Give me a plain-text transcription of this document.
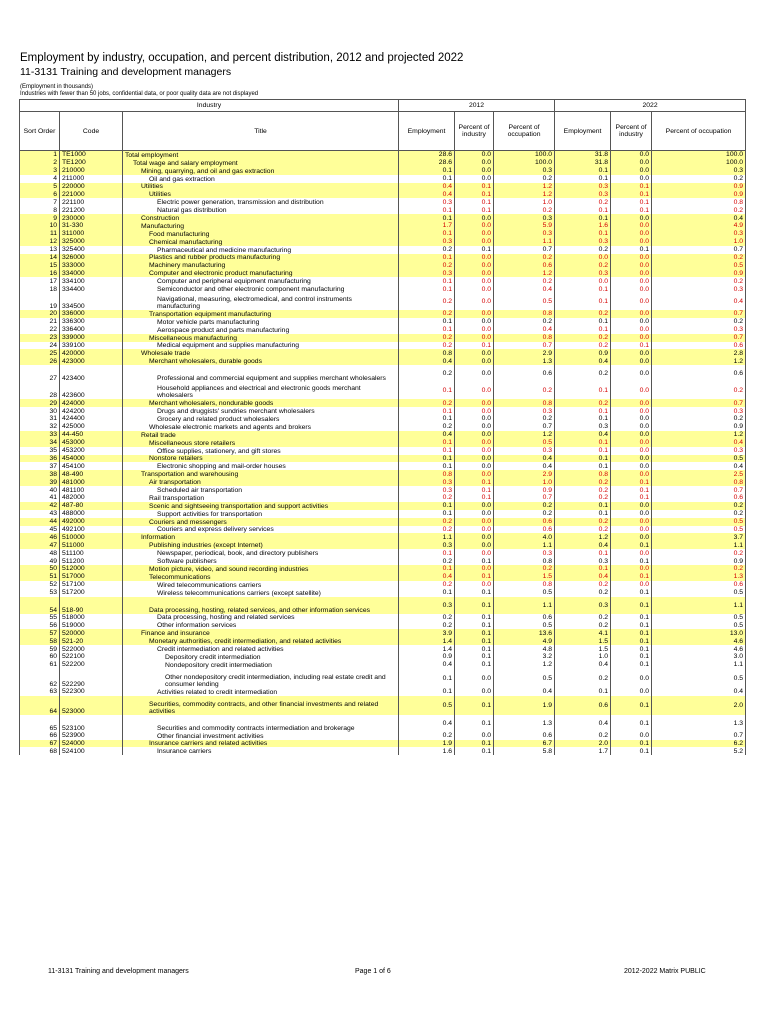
Employment by industry, occupation, and percent distribution, 2012 and projected 2022
11-3131 Training and development managers
(Employment in thousands)
Industries with fewer than 50 jobs, confidential data, or poor quality data are not displayed
Industry			2012			2022		
Sort Order	Code	Title	Employment	Percent of industry	Percent of occupation	Employment	Percent of industry	Percent of occupation
1	TE1000	Total employment	28.6	0.0	100.0	31.8	0.0	100.0
2	TE1200	Total wage and salary employment	28.6	0.0	100.0	31.8	0.0	100.0
3	210000	Mining, quarrying, and oil and gas extraction	0.1	0.0	0.3	0.1	0.0	0.3
4	211000	Oil and gas extraction	0.1	0.0	0.2	0.1	0.0	0.2
5	220000	Utilities	0.4	0.1	1.2	0.3	0.1	0.9
6	221000	Utilities	0.4	0.1	1.2	0.3	0.1	0.9
7	221100	Electric power generation, transmission and distribution	0.3	0.1	1.0	0.2	0.1	0.8
8	221200	Natural gas distribution	0.1	0.1	0.2	0.1	0.1	0.2
9	230000	Construction	0.1	0.0	0.3	0.1	0.0	0.4
10	31-330	Manufacturing	1.7	0.0	5.9	1.6	0.0	4.9
11	311000	Food manufacturing	0.1	0.0	0.3	0.1	0.0	0.3
12	325000	Chemical manufacturing	0.3	0.0	1.1	0.3	0.0	1.0
13	325400	Pharmaceutical and medicine manufacturing	0.2	0.1	0.7	0.2	0.1	0.7
14	326000	Plastics and rubber products manufacturing	0.1	0.0	0.2	0.0	0.0	0.2
15	333000	Machinery manufacturing	0.2	0.0	0.6	0.2	0.0	0.5
16	334000	Computer and electronic product manufacturing	0.3	0.0	1.2	0.3	0.0	0.9
17	334100	Computer and peripheral equipment manufacturing	0.1	0.0	0.2	0.0	0.0	0.2
18	334400	Semiconductor and other electronic component manufacturing	0.1	0.0	0.4	0.1	0.0	0.3
19	334500	Navigational, measuring, electromedical, and control instruments manufacturing	0.2	0.0	0.5	0.1	0.0	0.4
20	336000	Transportation equipment manufacturing	0.2	0.0	0.8	0.2	0.0	0.7
21	336300	Motor vehicle parts manufacturing	0.1	0.0	0.2	0.1	0.0	0.2
22	336400	Aerospace product and parts manufacturing	0.1	0.0	0.4	0.1	0.0	0.3
23	339000	Miscellaneous manufacturing	0.2	0.0	0.8	0.2	0.0	0.7
24	339100	Medical equipment and supplies manufacturing	0.2	0.1	0.7	0.2	0.1	0.6
25	420000	Wholesale trade	0.8	0.0	2.9	0.9	0.0	2.8
26	423000	Merchant wholesalers, durable goods	0.4	0.0	1.3	0.4	0.0	1.2
27	423400	Professional and commercial equipment and supplies merchant wholesalers	0.2	0.0	0.6	0.2	0.0	0.6
28	423600	Household appliances and electrical and electronic goods merchant wholesalers	0.1	0.0	0.2	0.1	0.0	0.2
29	424000	Merchant wholesalers, nondurable goods	0.2	0.0	0.8	0.2	0.0	0.7
30	424200	Drugs and druggists' sundries merchant wholesalers	0.1	0.0	0.3	0.1	0.0	0.3
31	424400	Grocery and related product wholesalers	0.1	0.0	0.2	0.1	0.0	0.2
32	425000	Wholesale electronic markets and agents and brokers	0.2	0.0	0.7	0.3	0.0	0.9
33	44-450	Retail trade	0.4	0.0	1.2	0.4	0.0	1.2
34	453000	Miscellaneous store retailers	0.1	0.0	0.5	0.1	0.0	0.4
35	453200	Office supplies, stationery, and gift stores	0.1	0.0	0.3	0.1	0.0	0.3
36	454000	Nonstore retailers	0.1	0.0	0.4	0.1	0.0	0.5
37	454100	Electronic shopping and mail-order houses	0.1	0.0	0.4	0.1	0.0	0.4
38	48-490	Transportation and warehousing	0.8	0.0	2.9	0.8	0.0	2.5
39	481000	Air transportation	0.3	0.1	1.0	0.2	0.1	0.8
40	481100	Scheduled air transportation	0.3	0.1	0.9	0.2	0.1	0.7
41	482000	Rail transportation	0.2	0.1	0.7	0.2	0.1	0.6
42	487-80	Scenic and sightseeing transportation and support activities	0.1	0.0	0.2	0.1	0.0	0.2
43	488000	Support activities for transportation	0.1	0.0	0.2	0.1	0.0	0.2
44	492000	Couriers and messengers	0.2	0.0	0.6	0.2	0.0	0.5
45	492100	Couriers and express delivery services	0.2	0.0	0.6	0.2	0.0	0.5
46	510000	Information	1.1	0.0	4.0	1.2	0.0	3.7
47	511000	Publishing industries (except Internet)	0.3	0.0	1.1	0.4	0.1	1.1
48	511100	Newspaper, periodical, book, and directory publishers	0.1	0.0	0.3	0.1	0.0	0.2
49	511200	Software publishers	0.2	0.1	0.8	0.3	0.1	0.9
50	512000	Motion picture, video, and sound recording industries	0.1	0.0	0.2	0.1	0.0	0.2
51	517000	Telecommunications	0.4	0.1	1.5	0.4	0.1	1.3
52	517100	Wired telecommunications carriers	0.2	0.0	0.8	0.2	0.0	0.6
53	517200	Wireless telecommunications carriers (except satellite)	0.1	0.1	0.5	0.2	0.1	0.5
54	518-90	Data processing, hosting, related services, and other information services	0.3	0.1	1.1	0.3	0.1	1.1
55	518000	Data processing, hosting and related services	0.2	0.1	0.6	0.2	0.1	0.5
56	519000	Other information services	0.2	0.1	0.5	0.2	0.1	0.5
57	520000	Finance and insurance	3.9	0.1	13.6	4.1	0.1	13.0
58	521-20	Monetary authorities, credit intermediation, and related activities	1.4	0.1	4.9	1.5	0.1	4.6
59	522000	Credit intermediation and related activities	1.4	0.1	4.8	1.5	0.1	4.6
60	522100	Depository credit intermediation	0.9	0.1	3.2	1.0	0.1	3.0
61	522200	Nondepository credit intermediation	0.4	0.1	1.2	0.4	0.1	1.1
62	522290	Other nondepository credit intermediation, including real estate credit and consumer lending	0.1	0.0	0.5	0.2	0.0	0.5
63	522300	Activities related to credit intermediation	0.1	0.0	0.4	0.1	0.0	0.4
64	523000	Securities, commodity contracts, and other financial investments and related activities	0.5	0.1	1.9	0.6	0.1	2.0
65	523100	Securities and commodity contracts intermediation and brokerage	0.4	0.1	1.3	0.4	0.1	1.3
66	523900	Other financial investment activities	0.2	0.0	0.6	0.2	0.0	0.7
67	524000	Insurance carriers and related activities	1.9	0.1	6.7	2.0	0.1	6.2
68	524100	Insurance carriers	1.6	0.1	5.8	1.7	0.1	5.2
11-3131 Training and development managers	Page 1 of 6	2012-2022 Matrix PUBLIC
